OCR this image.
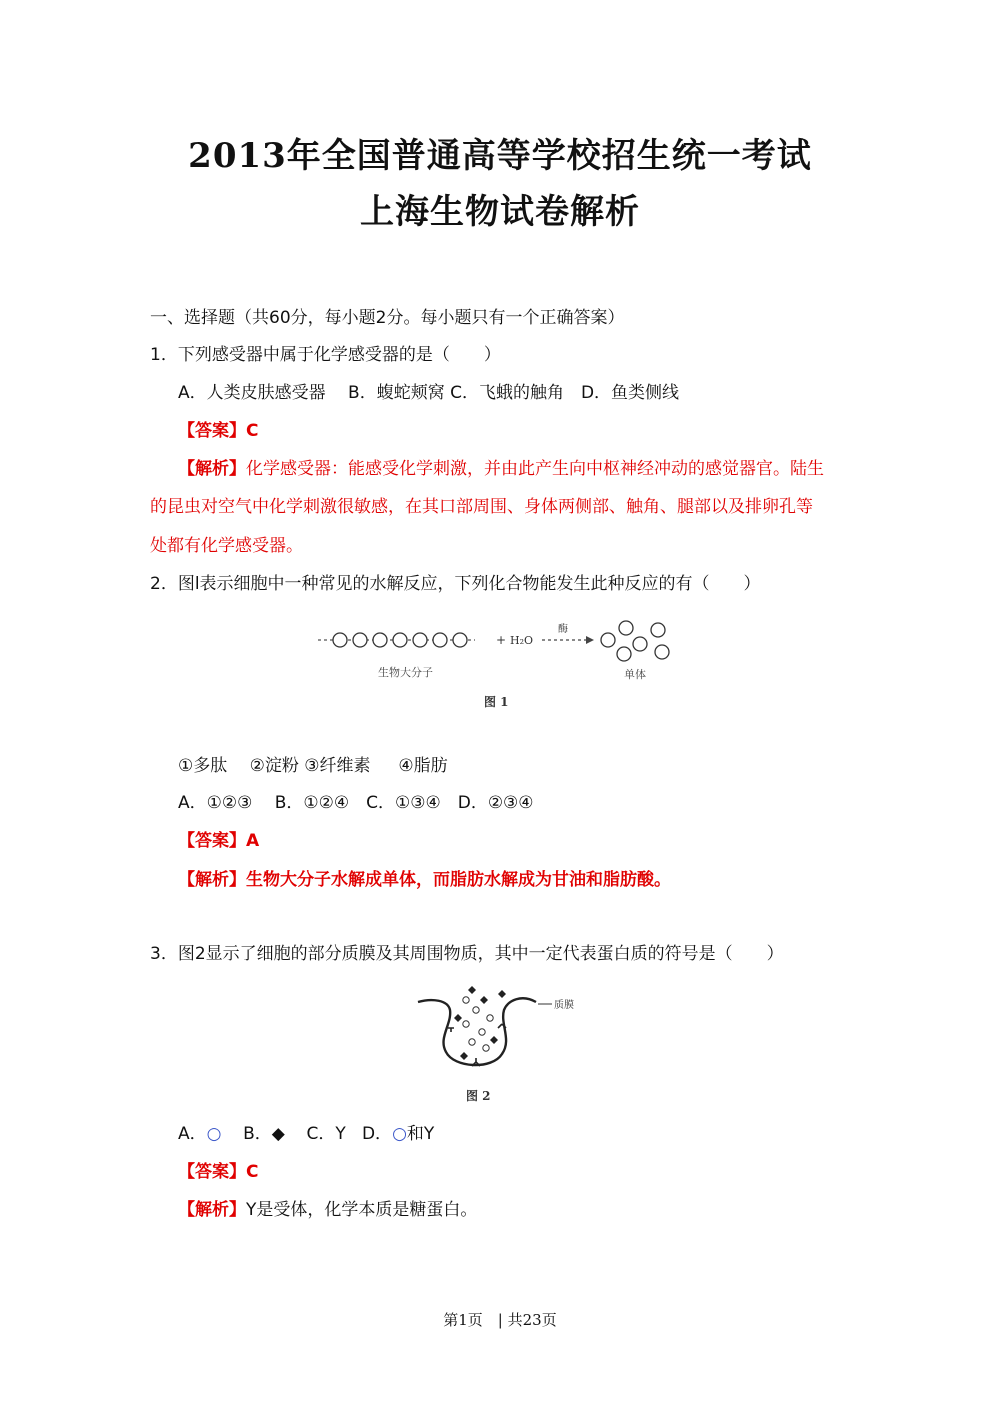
2013年全国普通高等学校招生统一考试
上海生物试卷解析
一、选择题（共60分，每小题2分。每小题只有一个正确答案）
1．下列感受器中属于化学感受器的是（　　）
A．人类皮肤感受器　 B．蝮蛇颊窝 C．飞蛾的触角　D．鱼类侧线
【答案】C
【解析】化学感受器：能感受化学刺激，并由此产生向中枢神经冲动的感觉器官。陆生
的昆虫对空气中化学刺激很敏感，在其口部周围、身体两侧部、触角、腿部以及排卵孔等
处都有化学感受器。
2．图l表示细胞中一种常见的水解反应，下列化合物能发生此种反应的有（　　）
+ H₂O
酶
生物大分子	单体
图 1
①多肽　 ②淀粉 ③纤维素 　 ④脂肪
A．①②③　 B．①②④　C．①③④　D．②③④
【答案】A
【解析】生物大分子水解成单体，而脂肪水解成为甘油和脂肪酸。
3．图2显示了细胞的部分质膜及其周围物质，其中一定代表蛋白质的符号是（　　）
质膜
图 2
A．○ B．◆ C．Y D．○和Y
【答案】C
【解析】Y是受体，化学本质是糖蛋白。
第1页　| 共23页
